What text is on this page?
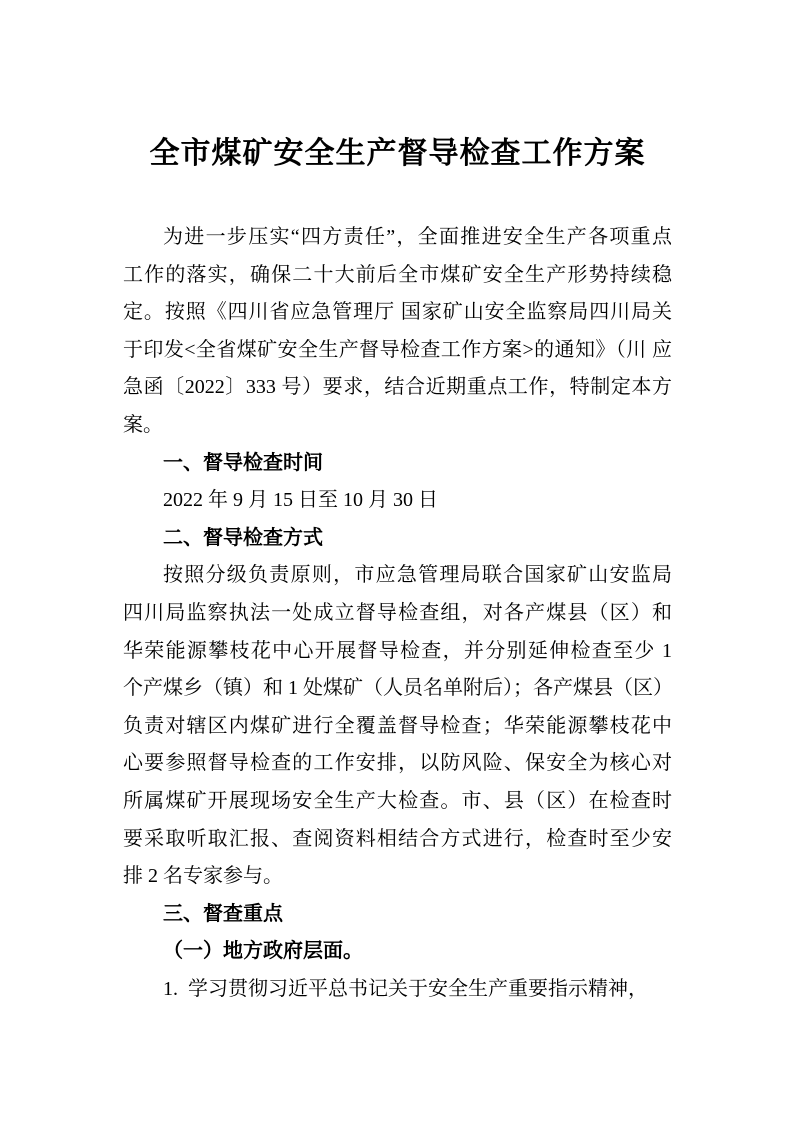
全市煤矿安全生产督导检查工作方案
为进一步压实“四方责任”，全面推进安全生产各项重点
工作的落实，确保二十大前后全市煤矿安全生产形势持续稳
定。按照《四川省应急管理厅 国家矿山安全监察局四川局关
于印发<全省煤矿安全生产督导检查工作方案>的通知》（川 应
急函〔2022〕333 号）要求，结合近期重点工作，特制定本方
案。
一、督导检查时间
2022 年 9 月 15 日至 10 月 30 日
二、督导检查方式
按照分级负责原则，市应急管理局联合国家矿山安监局
四川局监察执法一处成立督导检查组，对各产煤县（区）和
华荣能源攀枝花中心开展督导检查，并分别延伸检查至少 1
个产煤乡（镇）和 1 处煤矿（人员名单附后）；各产煤县（区）
负责对辖区内煤矿进行全覆盖督导检查；华荣能源攀枝花中
心要参照督导检查的工作安排，以防风险、保安全为核心对
所属煤矿开展现场安全生产大检查。市、县（区）在检查时
要采取听取汇报、查阅资料相结合方式进行，检查时至少安
排 2 名专家参与。
三、督查重点
（一）地方政府层面。
1.  学习贯彻习近平总书记关于安全生产重要指示精神，
